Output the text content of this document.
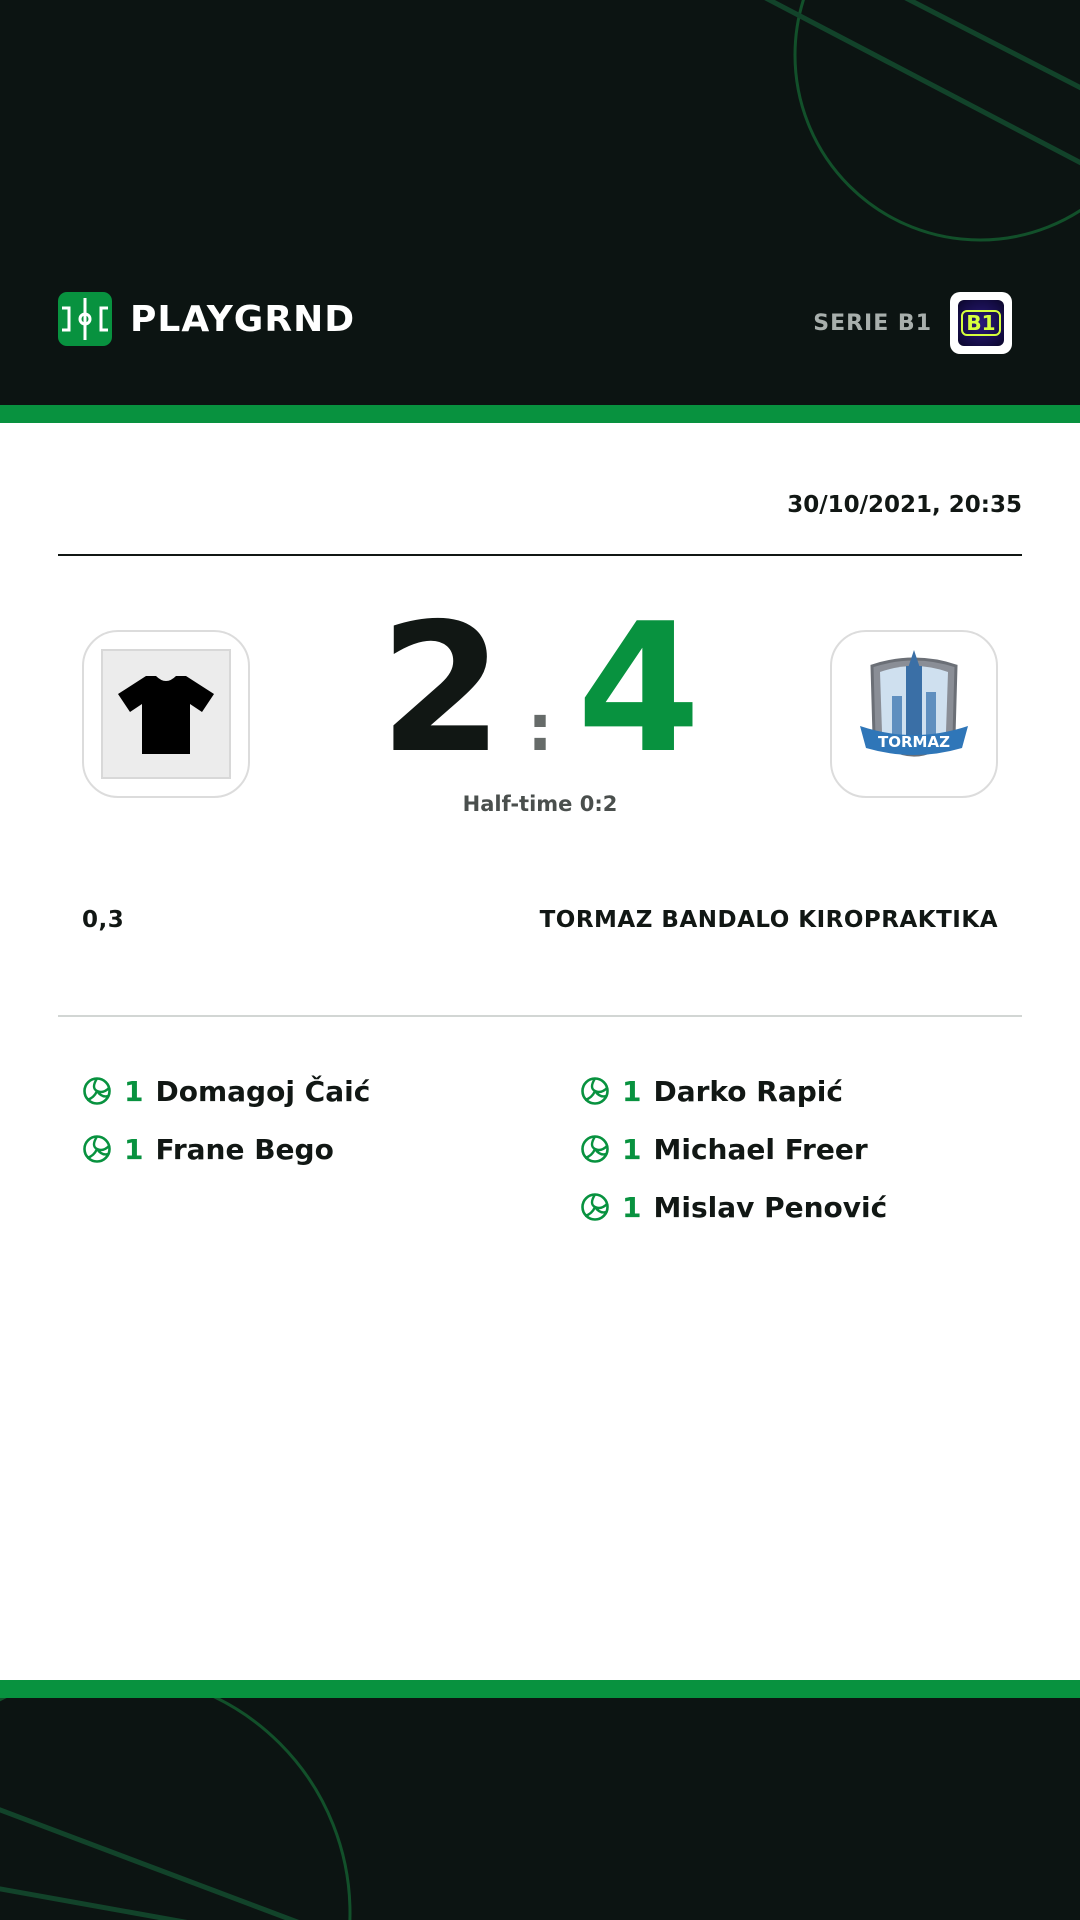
PLAYGRND	SERIE B1 B1
30/10/2021, 20:35
2 : 4	TORMAZ
Half-time 0:2
0,3	TORMAZ BANDALO KIROPRAKTIKA
1 Domagoj Čaić
1 Frane Bego
1 Darko Rapić
1 Michael Freer
1 Mislav Penović
